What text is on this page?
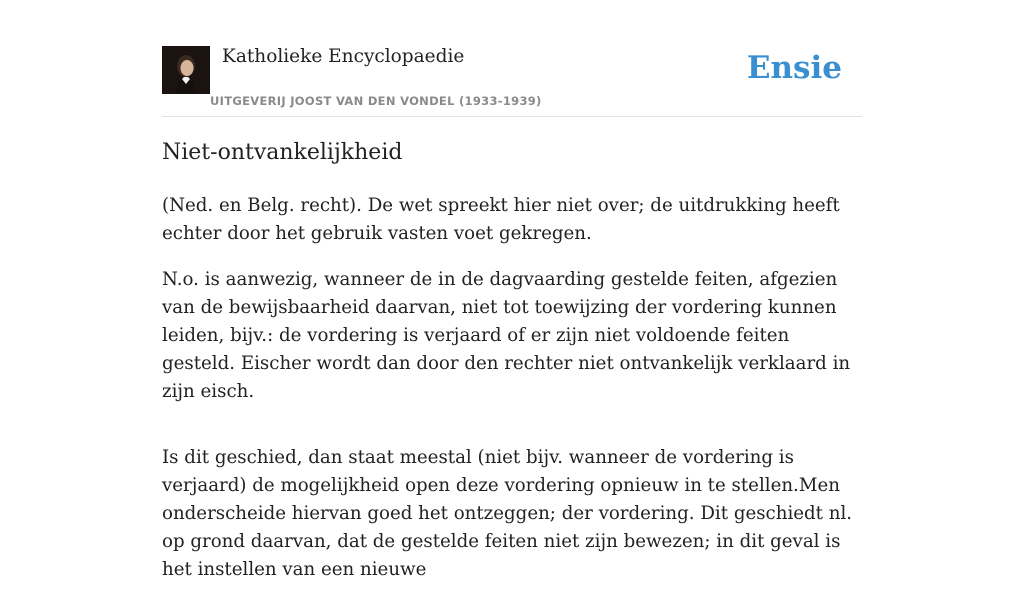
Katholieke Encyclopaedie
UITGEVERIJ JOOST VAN DEN VONDEL (1933-1939)
Ensie
Niet-ontvankelijkheid

(Ned. en Belg. recht). De wet spreekt hier niet over; de uitdrukking heeft echter door het gebruik vasten voet gekregen.

N.o. is aanwezig, wanneer de in de dagvaarding gestelde feiten, afgezien van de bewijsbaarheid daarvan, niet tot toewijzing der vordering kunnen leiden, bijv.: de vordering is verjaard of er zijn niet voldoende feiten gesteld. Eischer wordt dan door den rechter niet ontvankelijk verklaard in zijn eisch.

Is dit geschied, dan staat meestal (niet bijv. wanneer de vordering is verjaard) de mogelijkheid open deze vordering opnieuw in te stellen.Men onderscheide hiervan goed het ontzeggen; der vordering. Dit geschiedt nl. op grond daarvan, dat de gestelde feiten niet zijn bewezen; in dit geval is het instellen van een nieuwe
